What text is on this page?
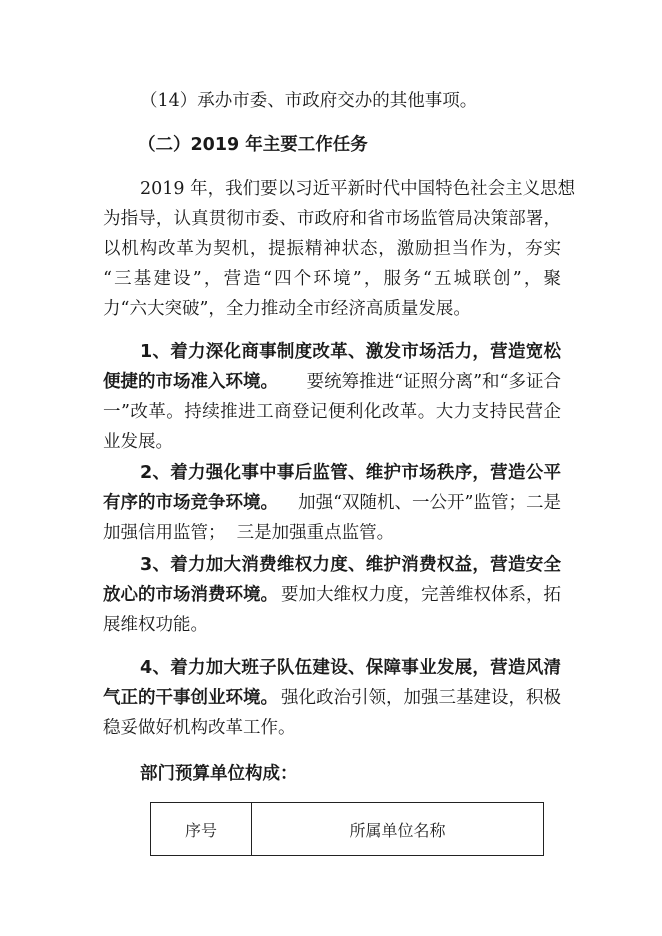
（14）承办市委、市政府交办的其他事项。
（二）2019 年主要工作任务
2019 年，我们要以习近平新时代中国特色社会主义思想
为指导，认真贯彻市委、市政府和省市场监管局决策部署，
以机构改革为契机，提振精神状态，激励担当作为，夯实
“三基建设”，营造“四个环境”，服务“五城联创”，聚
力“六大突破”，全力推动全市经济高质量发展。
1、着力深化商事制度改革、激发市场活力，营造宽松
便捷的市场准入环境。 要统筹推进“证照分离”和“多证合
一”改革。持续推进工商登记便利化改革。大力支持民营企
业发展。
2、着力强化事中事后监管、维护市场秩序，营造公平
有序的市场竞争环境。 加强“双随机、一公开”监管；二是
加强信用监管；  三是加强重点监管。
3、着力加大消费维权力度、维护消费权益，营造安全
放心的市场消费环境。 要加大维权力度，完善维权体系，拓
展维权功能。
4、着力加大班子队伍建设、保障事业发展，营造风清
气正的干事创业环境。 强化政治引领，加强三基建设，积极
稳妥做好机构改革工作。
部门预算单位构成：
序号	所属单位名称
